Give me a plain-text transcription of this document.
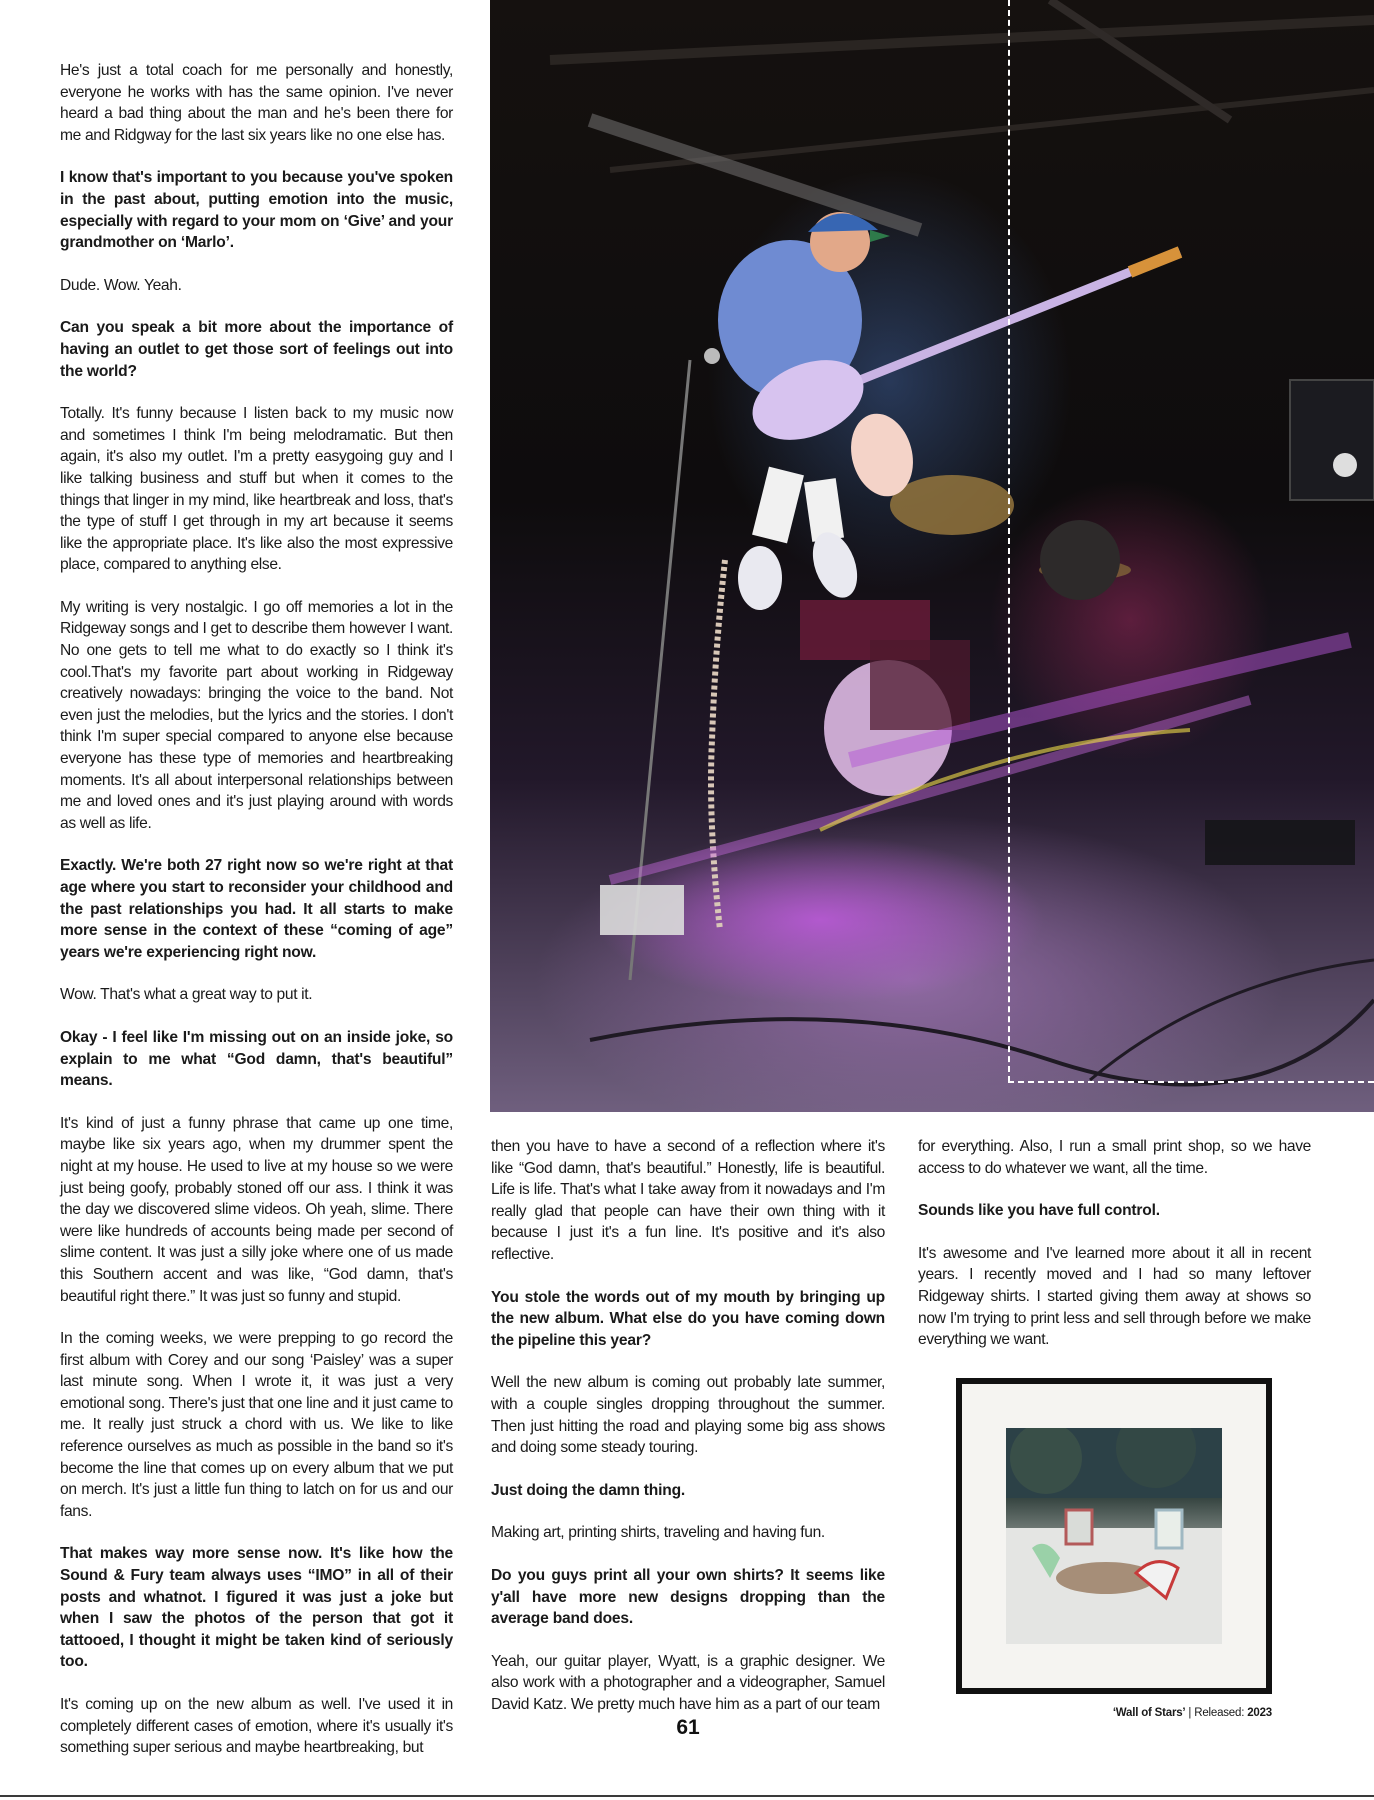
He's just a total coach for me personally and honestly, everyone he works with has the same opinion. I've never heard a bad thing about the man and he's been there for me and Ridgway for the last six years like no one else has.

I know that's important to you because you've spoken in the past about, putting emotion into the music, especially with regard to your mom on ‘Give’ and your grandmother on ‘Marlo’.

Dude. Wow. Yeah.

Can you speak a bit more about the importance of having an outlet to get those sort of feelings out into the world?

Totally. It's funny because I listen back to my music now and sometimes I think I'm being melodramatic. But then again, it's also my outlet. I'm a pretty easygoing guy and I like talking business and stuff but when it comes to the things that linger in my mind, like heartbreak and loss, that's the type of stuff I get through in my art because it seems like the appropriate place. It's like also the most expressive place, compared to anything else.

My writing is very nostalgic. I go off memories a lot in the Ridgeway songs and I get to describe them however I want. No one gets to tell me what to do exactly so I think it's cool.That's my favorite part about working in Ridgeway creatively nowadays: bringing the voice to the band. Not even just the melodies, but the lyrics and the stories. I don't think I'm super special compared to anyone else because everyone has these type of memories and heartbreaking moments. It's all about interpersonal relationships between me and loved ones and it's just playing around with words as well as life.

Exactly. We're both 27 right now so we're right at that age where you start to reconsider your childhood and the past relationships you had. It all starts to make more sense in the context of these “coming of age” years we're experiencing right now.

Wow. That's what a great way to put it.

Okay - I feel like I'm missing out on an inside joke, so explain to me what “God damn, that's beautiful” means.

It's kind of just a funny phrase that came up one time, maybe like six years ago, when my drummer spent the night at my house. He used to live at my house so we were just being goofy, probably stoned off our ass. I think it was the day we discovered slime videos. Oh yeah, slime. There were like hundreds of accounts being made per second of slime content. It was just a silly joke where one of us made this Southern accent and was like, “God damn, that's beautiful right there.” It was just so funny and stupid.

In the coming weeks, we were prepping to go record the first album with Corey and our song ‘Paisley’ was a super last minute song. When I wrote it, it was just a very emotional song. There's just that one line and it just came to me. It really just struck a chord with us. We like to like reference ourselves as much as possible in the band so it's become the line that comes up on every album that we put on merch. It's just a little fun thing to latch on for us and our fans.

That makes way more sense now. It's like how the Sound & Fury team always uses “IMO” in all of their posts and whatnot. I figured it was just a joke but when I saw the photos of the person that got it tattooed, I thought it might be taken kind of seriously too.

It's coming up on the new album as well. I've used it in completely different cases of emotion, where it's usually it's something super serious and maybe heartbreaking, but

then you have to have a second of a reflection where it's like “God damn, that's beautiful.” Honestly, life is beautiful. Life is life. That's what I take away from it nowadays and I'm really glad that people can have their own thing with it because I just it's a fun line. It's positive and it's also reflective.

You stole the words out of my mouth by bringing up the new album. What else do you have coming down the pipeline this year?

Well the new album is coming out probably late summer, with a couple singles dropping throughout the summer. Then just hitting the road and playing some big ass shows and doing some steady touring.

Just doing the damn thing.

Making art, printing shirts, traveling and having fun.

Do you guys print all your own shirts? It seems like y'all have more new designs dropping than the average band does.

Yeah, our guitar player, Wyatt, is a graphic designer. We also work with a photographer and a videographer, Samuel David Katz. We pretty much have him as a part of our team

for everything. Also, I run a small print shop, so we have access to do whatever we want, all the time.

Sounds like you have full control.

It's awesome and I've learned more about it all in recent years. I recently moved and I had so many leftover Ridgeway shirts. I started giving them away at shows so now I'm trying to print less and sell through before we make everything we want.

‘Wall of Stars’ | Released: 2023
61
